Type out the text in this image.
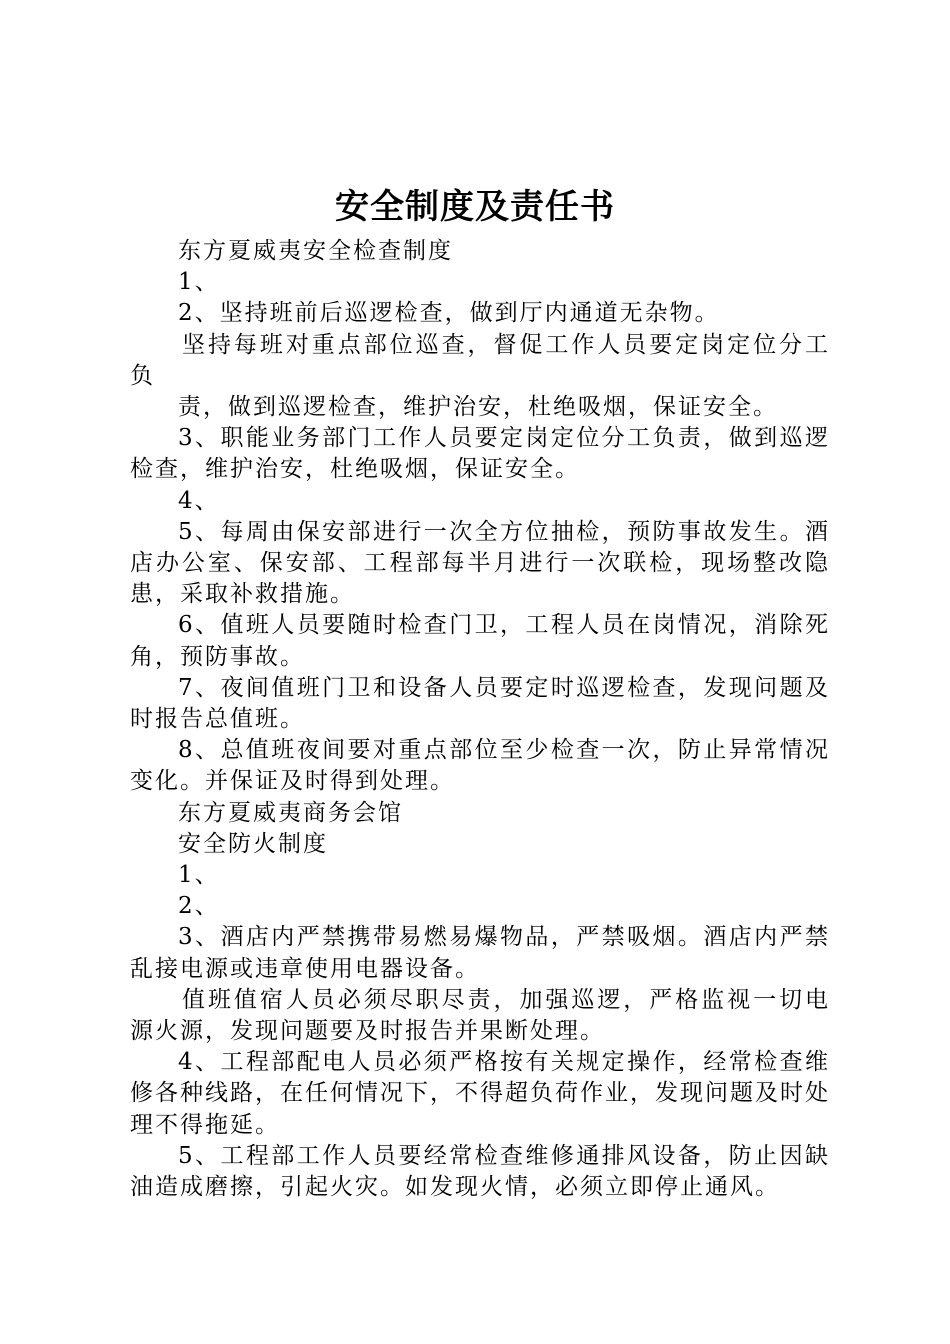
安全制度及责任书

东方夏威夷安全检查制度

1、

2、坚持班前后巡逻检查，做到厅内通道无杂物。

坚持每班对重点部位巡查，督促工作人员要定岗定位分工负

责，做到巡逻检查，维护治安，杜绝吸烟，保证安全。

3、职能业务部门工作人员要定岗定位分工负责，做到巡逻检查，维护治安，杜绝吸烟，保证安全。

4、

5、每周由保安部进行一次全方位抽检，预防事故发生。酒店办公室、保安部、工程部每半月进行一次联检，现场整改隐患，采取补救措施。

6、值班人员要随时检查门卫，工程人员在岗情况，消除死角，预防事故。

7、夜间值班门卫和设备人员要定时巡逻检查，发现问题及时报告总值班。

8、总值班夜间要对重点部位至少检查一次，防止异常情况变化。并保证及时得到处理。

东方夏威夷商务会馆

安全防火制度

1、

2、

3、酒店内严禁携带易燃易爆物品，严禁吸烟。酒店内严禁乱接电源或违章使用电器设备。

值班值宿人员必须尽职尽责，加强巡逻，严格监视一切电源火源，发现问题要及时报告并果断处理。

4、工程部配电人员必须严格按有关规定操作，经常检查维修各种线路，在任何情况下，不得超负荷作业，发现问题及时处理不得拖延。

5、工程部工作人员要经常检查维修通排风设备，防止因缺油造成磨擦，引起火灾。如发现火情，必须立即停止通风。
